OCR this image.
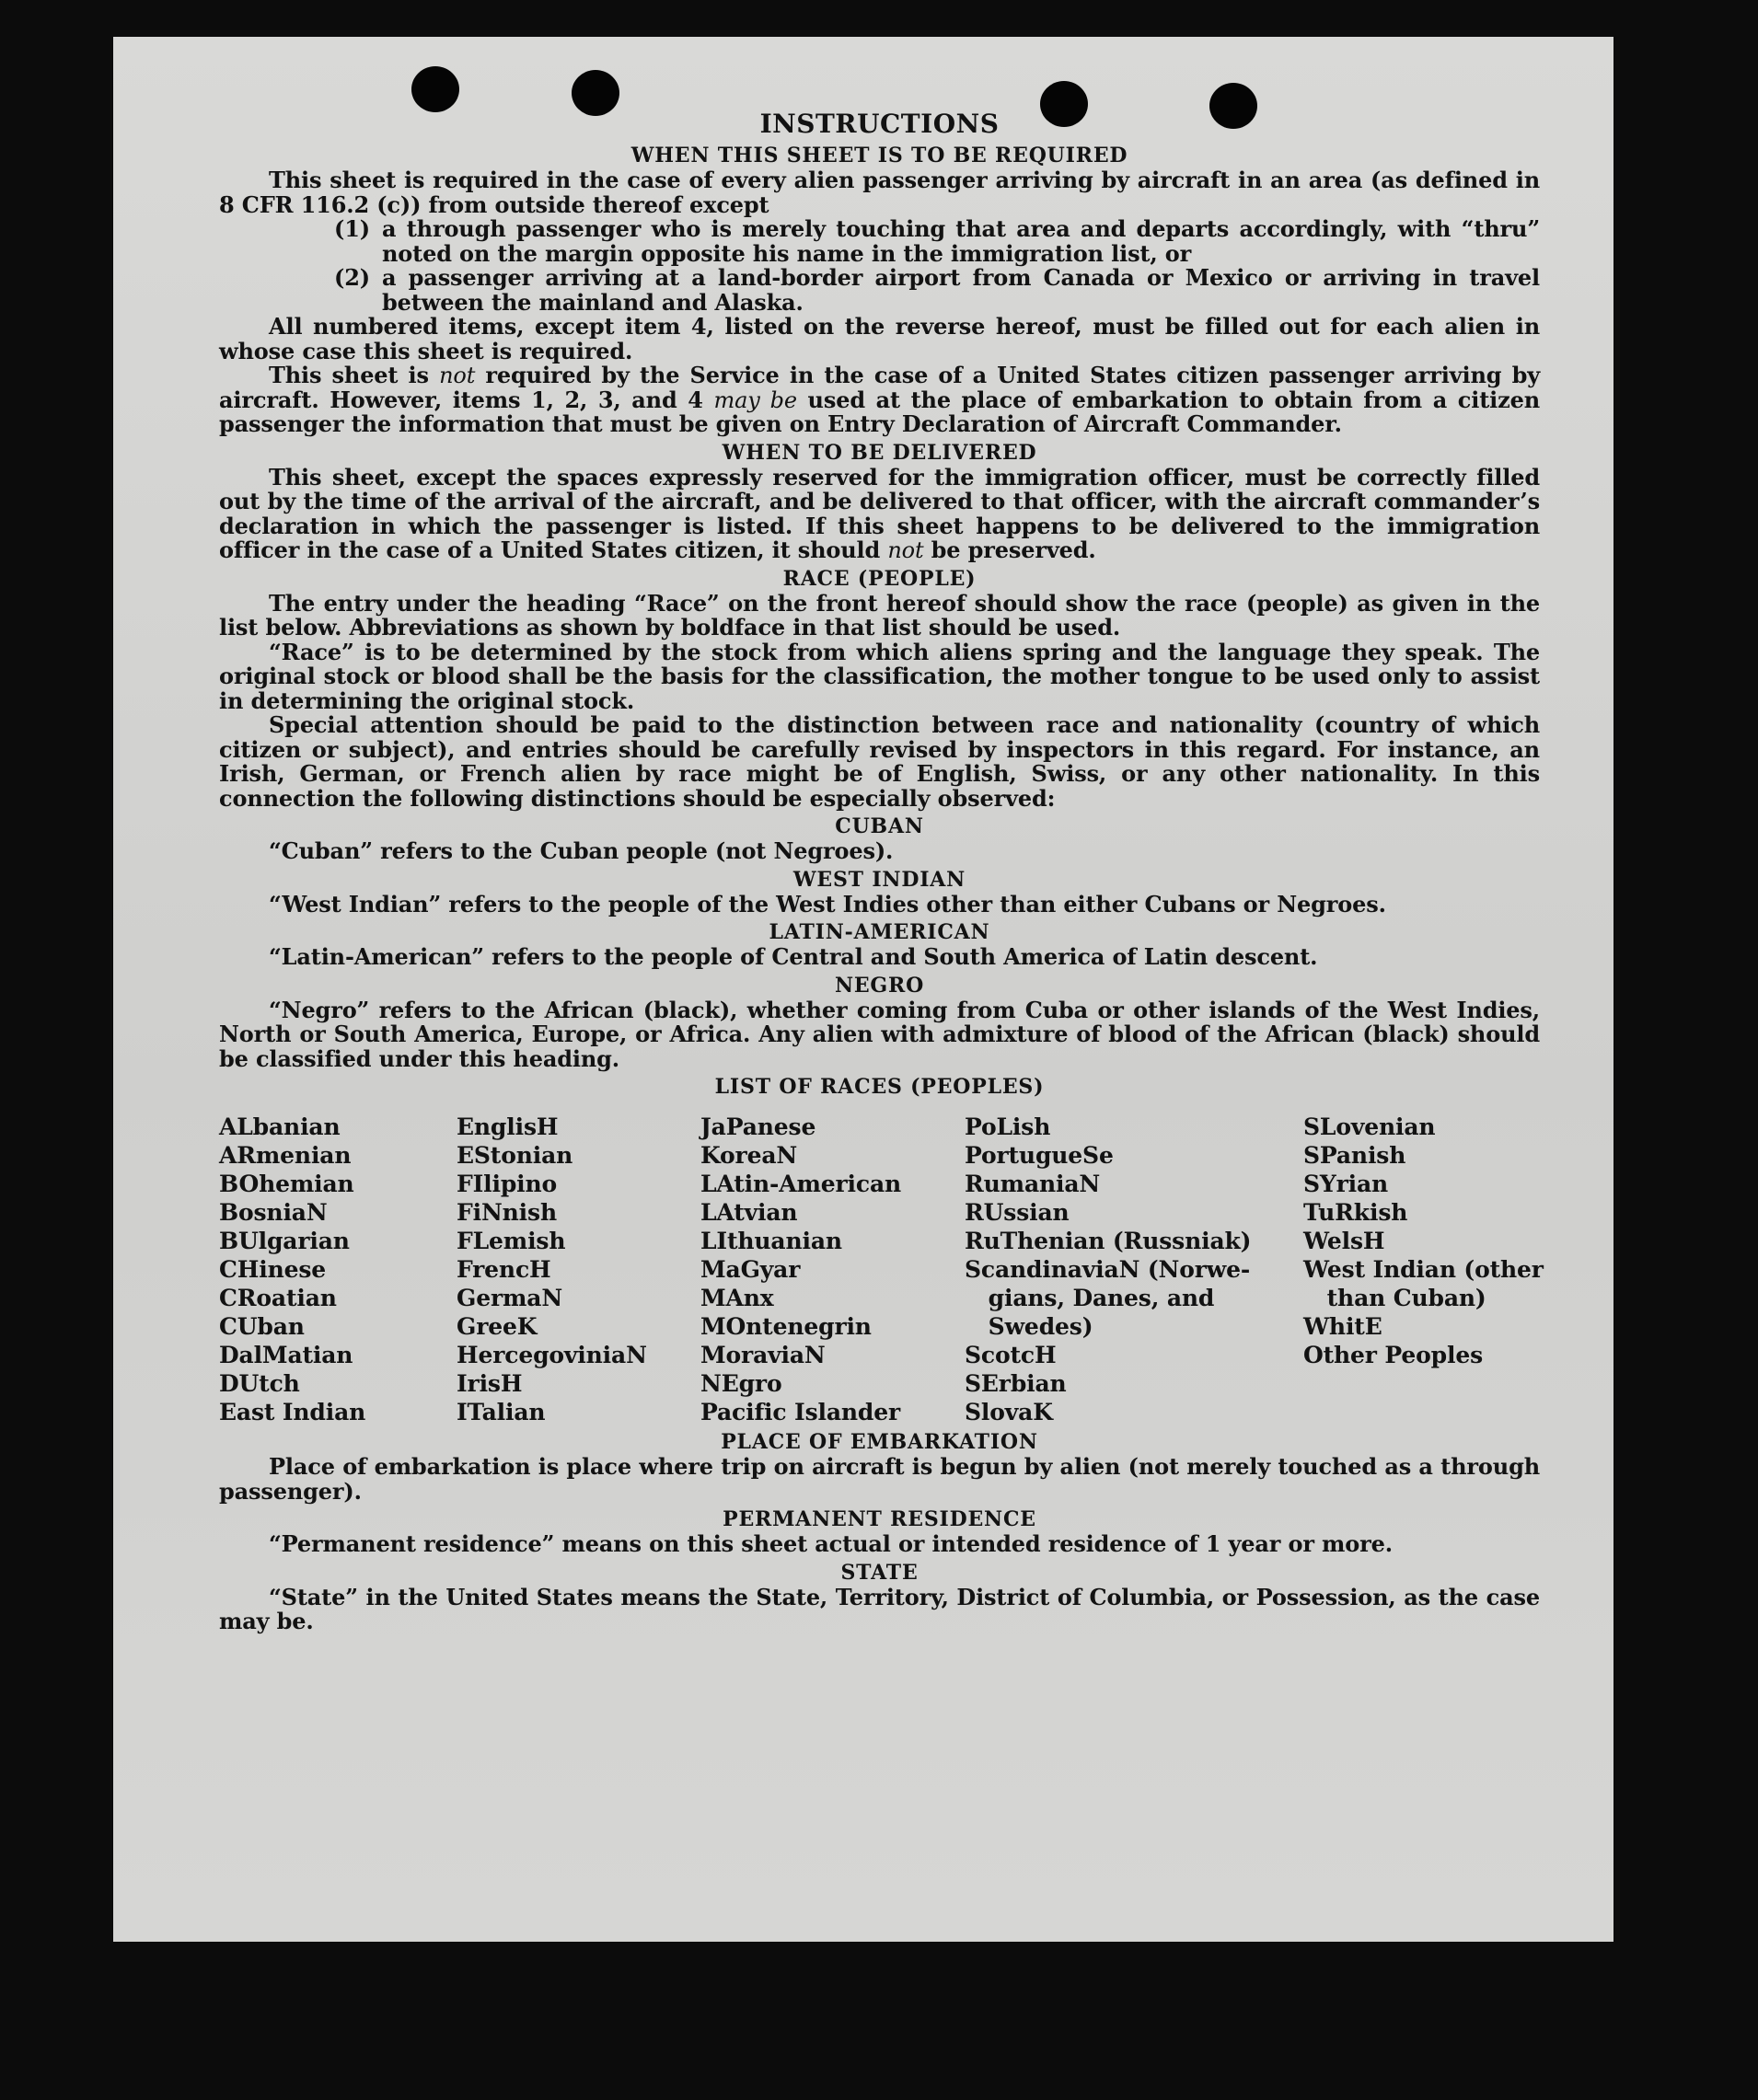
INSTRUCTIONS
WHEN THIS SHEET IS TO BE REQUIRED

This sheet is required in the case of every alien passenger arriving by aircraft in an area (as defined in 8 CFR 116.2 (c)) from outside thereof except

(1) a through passenger who is merely touching that area and departs accordingly, with “thru” noted on the margin opposite his name in the immigration list, or
(2) a passenger arriving at a land-border airport from Canada or Mexico or arriving in travel between the mainland and Alaska.

All numbered items, except item 4, listed on the reverse hereof, must be filled out for each alien in whose case this sheet is required.

This sheet is not required by the Service in the case of a United States citizen passenger arriving by aircraft. However, items 1, 2, 3, and 4 may be used at the place of embarkation to obtain from a citizen passenger the information that must be given on Entry Declaration of Aircraft Commander.

WHEN TO BE DELIVERED

This sheet, except the spaces expressly reserved for the immigration officer, must be correctly filled out by the time of the arrival of the aircraft, and be delivered to that officer, with the aircraft commander’s declaration in which the passenger is listed. If this sheet happens to be delivered to the immigration officer in the case of a United States citizen, it should not be preserved.

RACE (PEOPLE)

The entry under the heading “Race” on the front hereof should show the race (people) as given in the list below. Abbreviations as shown by boldface in that list should be used.

“Race” is to be determined by the stock from which aliens spring and the language they speak. The original stock or blood shall be the basis for the classification, the mother tongue to be used only to assist in determining the original stock.

Special attention should be paid to the distinction between race and nationality (country of which citizen or subject), and entries should be carefully revised by inspectors in this regard. For instance, an Irish, German, or French alien by race might be of English, Swiss, or any other nationality. In this connection the following distinctions should be especially observed:

CUBAN
“Cuban” refers to the Cuban people (not Negroes).
WEST INDIAN
“West Indian” refers to the people of the West Indies other than either Cubans or Negroes.
LATIN-AMERICAN
“Latin-American” refers to the people of Central and South America of Latin descent.
NEGRO

“Negro” refers to the African (black), whether coming from Cuba or other islands of the West Indies, North or South America, Europe, or Africa. Any alien with admixture of blood of the African (black) should be classified under this heading.

LIST OF RACES (PEOPLES)
ALbanian
ARmenian
BOhemian
BosniaN
BUlgarian
CHinese
CRoatian
CUban
DalMatian
DUtch
East Indian
EnglisH
EStonian
FIlipino
FiNnish
FLemish
FrencH
GermaN
GreeK
HercegoviniaN
IrisH
ITalian
JaPanese
KoreaN
LAtin-American
LAtvian
LIthuanian
MaGyar
MAnx
MOntenegrin
MoraviaN
NEgro
Pacific Islander
PoLish
PortugueSe
RumaniaN
RUssian
RuThenian (Russniak)
ScandinaviaN (Norwe-
gians, Danes, and
Swedes)
ScotcH
SErbian
SlovaK
SLovenian
SPanish
SYrian
TuRkish
WelsH
West Indian (other
than Cuban)
WhitE
Other Peoples
PLACE OF EMBARKATION

Place of embarkation is place where trip on aircraft is begun by alien (not merely touched as a through passenger).

PERMANENT RESIDENCE

“Permanent residence” means on this sheet actual or intended residence of 1 year or more.

STATE

“State” in the United States means the State, Territory, District of Columbia, or Possession, as the case may be.
